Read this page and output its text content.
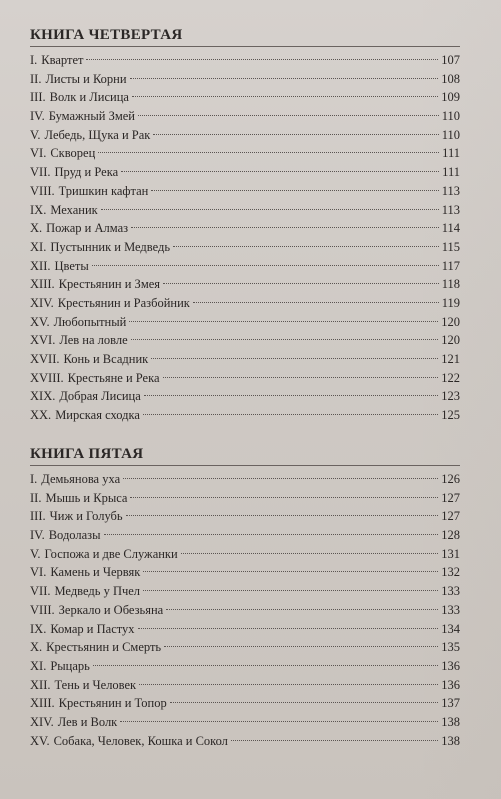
КНИГА ЧЕТВЕРТАЯ
I. Квартет	107
II. Листы и Корни	108
III. Волк и Лисица	109
IV. Бумажный Змей	110
V. Лебедь, Щука и Рак	110
VI. Скворец	111
VII. Пруд и Река	111
VIII. Тришкин кафтан	113
IX. Механик	113
X. Пожар и Алмаз	114
XI. Пустынник и Медведь	115
XII. Цветы	117
XIII. Крестьянин и Змея	118
XIV. Крестьянин и Разбойник	119
XV. Любопытный	120
XVI. Лев на ловле	120
XVII. Конь и Всадник	121
XVIII. Крестьяне и Река	122
XIX. Добрая Лисица	123
XX. Мирская сходка	125
КНИГА ПЯТАЯ
I. Демьянова уха	126
II. Мышь и Крыса	127
III. Чиж и Голубь	127
IV. Водолазы	128
V. Госпожа и две Служанки	131
VI. Камень и Червяк	132
VII. Медведь у Пчел	133
VIII. Зеркало и Обезьяна	133
IX. Комар и Пастух	134
X. Крестьянин и Смерть	135
XI. Рыцарь	136
XII. Тень и Человек	136
XIII. Крестьянин и Топор	137
XIV. Лев и Волк	138
XV. Собака, Человек, Кошка и Сокол	138
